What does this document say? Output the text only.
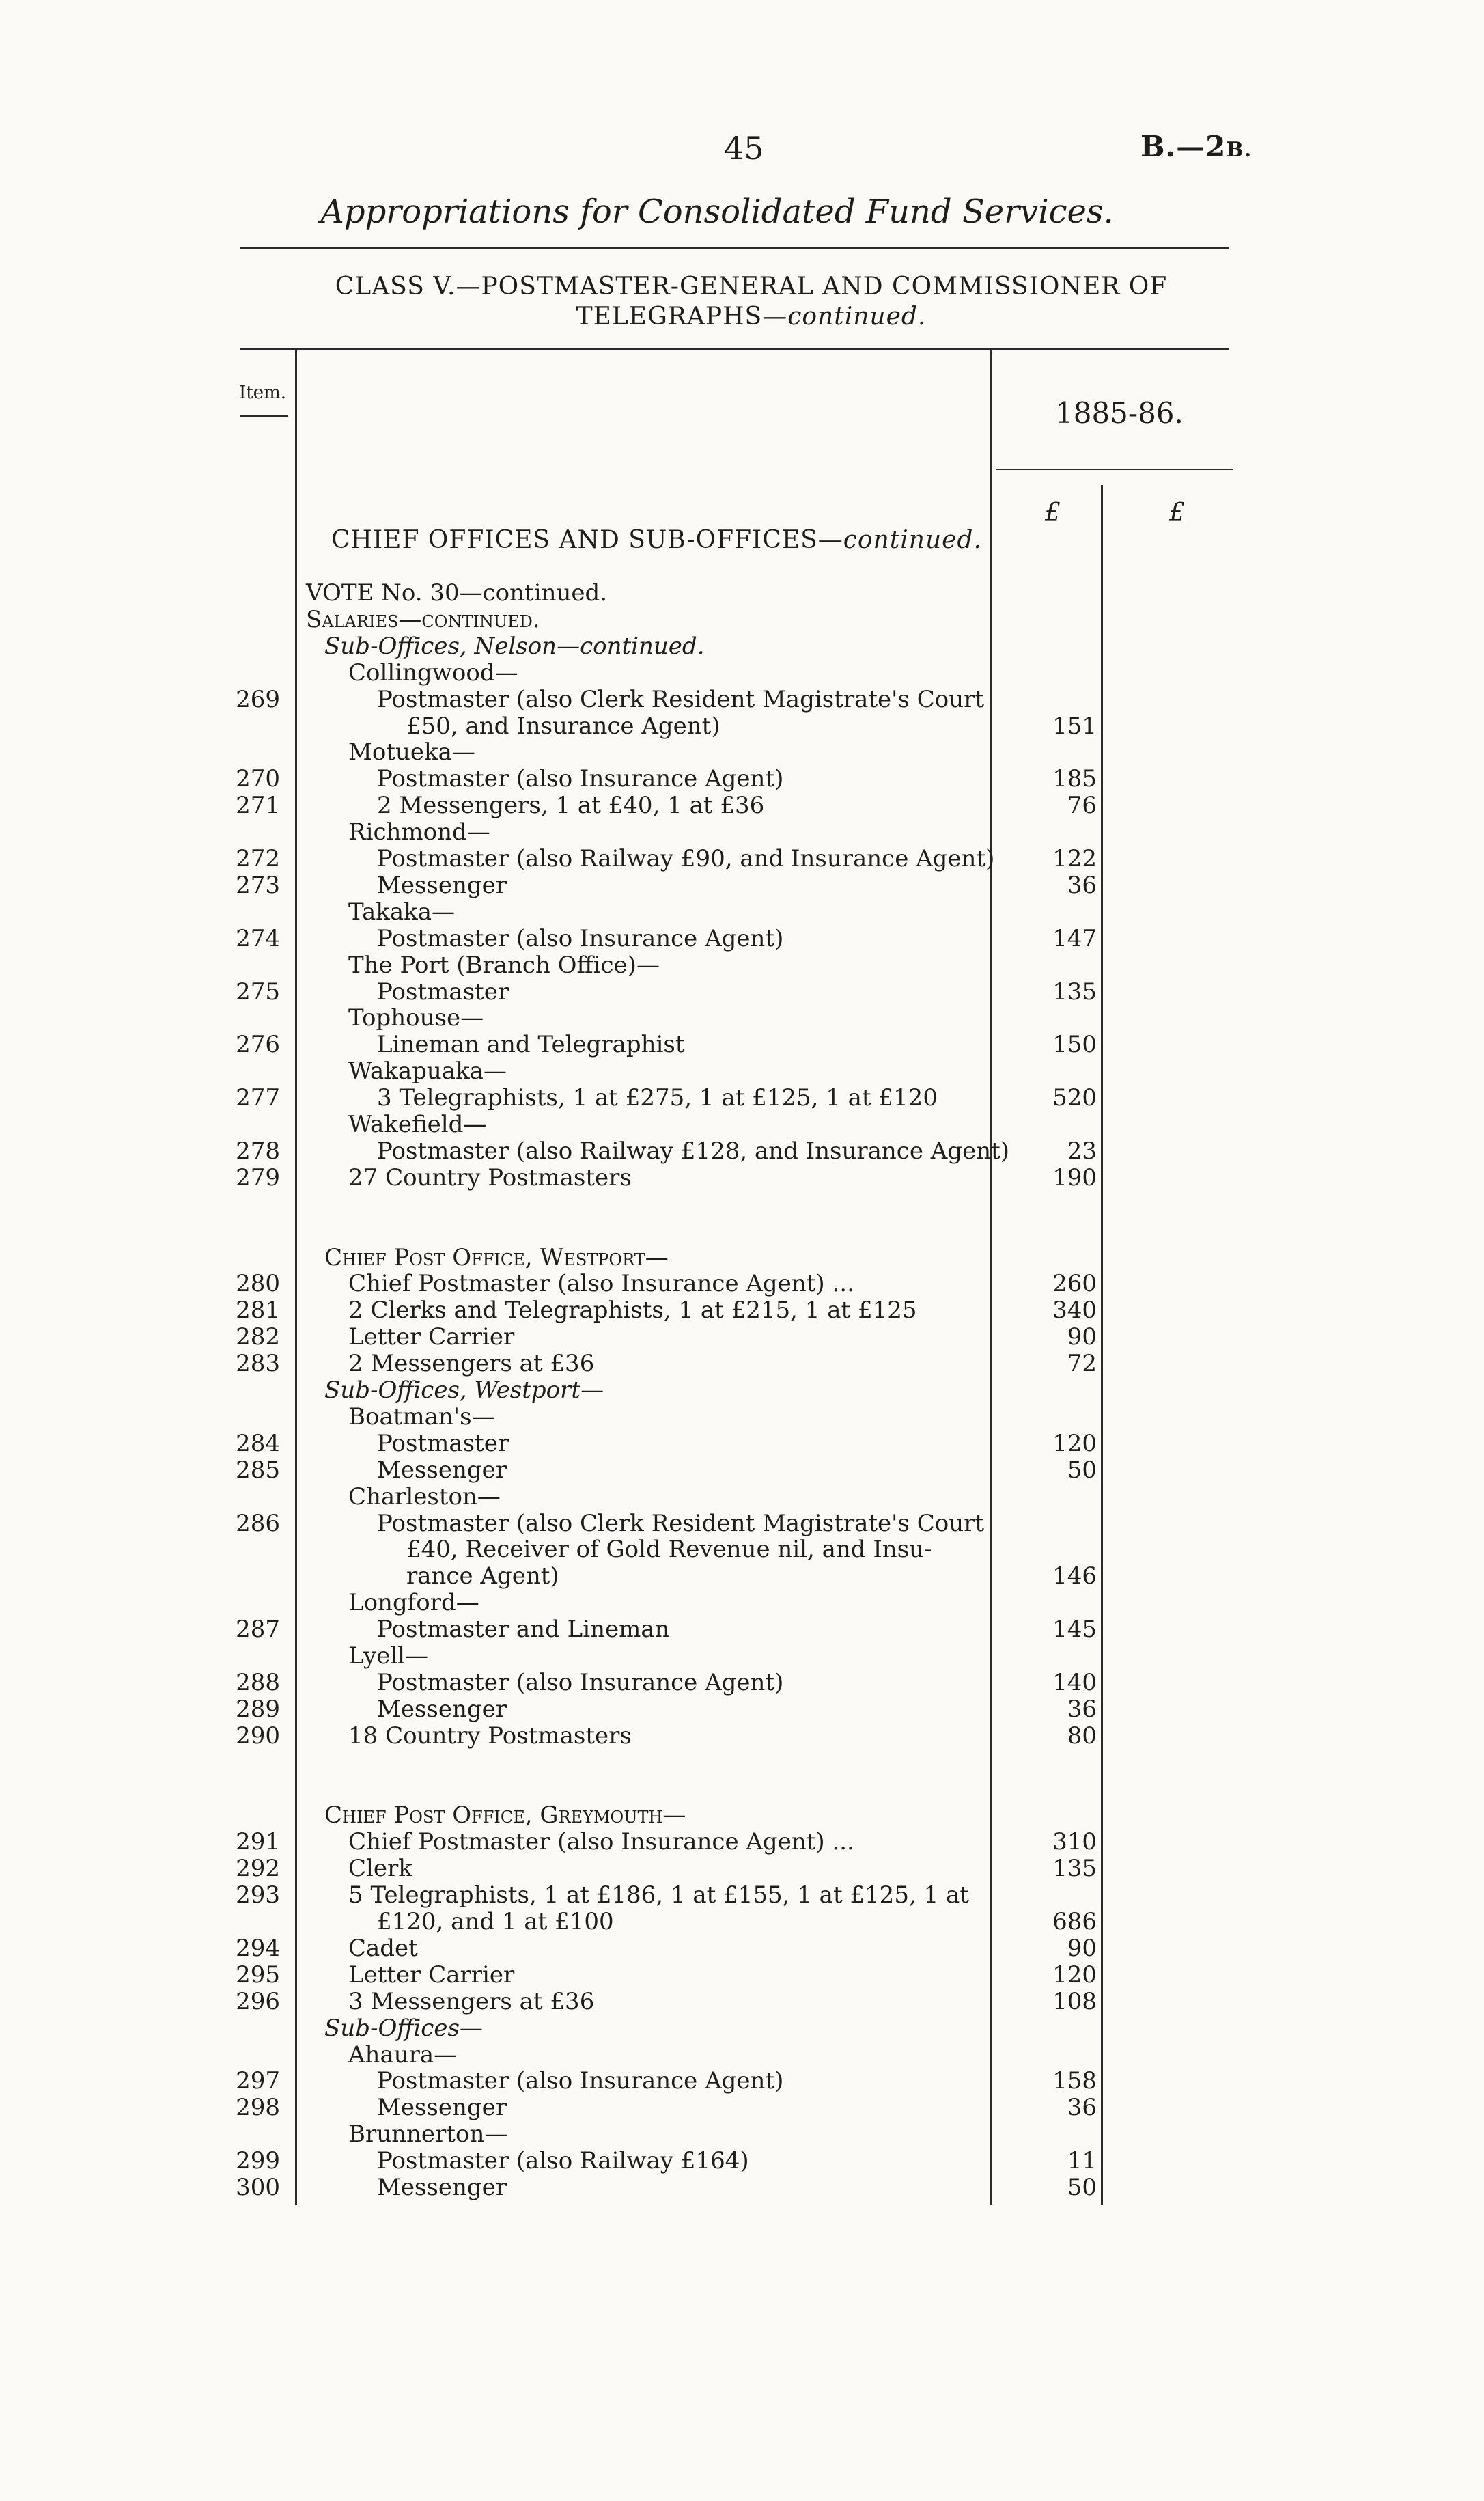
45	B.—2B.
Appropriations for Consolidated Fund Services.
CLASS V.—POSTMASTER-GENERAL AND COMMISSIONER OF
TELEGRAPHS—continued.
Item.
1885-86.
£	£
CHIEF OFFICES AND SUB-OFFICES—continued.
VOTE No. 30—continued.
Salaries—continued.
Sub-Offices, Nelson—continued.
Collingwood—
269	Postmaster (also Clerk Resident Magistrate's Court
£50, and Insurance Agent)	151
Motueka—
270	Postmaster (also Insurance Agent)	185
271	2 Messengers, 1 at £40, 1 at £36	76
Richmond—
272	Postmaster (also Railway £90, and Insurance Agent)	122
273	Messenger	36
Takaka—
274	Postmaster (also Insurance Agent)	147
The Port (Branch Office)—
275	Postmaster	135
Tophouse—
276	Lineman and Telegraphist	150
Wakapuaka—
277	3 Telegraphists, 1 at £275, 1 at £125, 1 at £120	520
Wakefield—
278	Postmaster (also Railway £128, and Insurance Agent)	23
279	27 Country Postmasters	190
Chief Post Office, Westport—
280	Chief Postmaster (also Insurance Agent) ...	260
281	2 Clerks and Telegraphists, 1 at £215, 1 at £125	340
282	Letter Carrier	90
283	2 Messengers at £36	72
Sub-Offices, Westport—
Boatman's—
284	Postmaster	120
285	Messenger	50
Charleston—
286	Postmaster (also Clerk Resident Magistrate's Court
£40, Receiver of Gold Revenue nil, and Insu-
rance Agent)	146
Longford—
287	Postmaster and Lineman	145
Lyell—
288	Postmaster (also Insurance Agent)	140
289	Messenger	36
290	18 Country Postmasters	80
Chief Post Office, Greymouth—
291	Chief Postmaster (also Insurance Agent) ...	310
292	Clerk	135
293	5 Telegraphists, 1 at £186, 1 at £155, 1 at £125, 1 at
£120, and 1 at £100	686
294	Cadet	90
295	Letter Carrier	120
296	3 Messengers at £36	108
Sub-Offices—
Ahaura—
297	Postmaster (also Insurance Agent)	158
298	Messenger	36
Brunnerton—
299	Postmaster (also Railway £164)	11
300	Messenger	50
